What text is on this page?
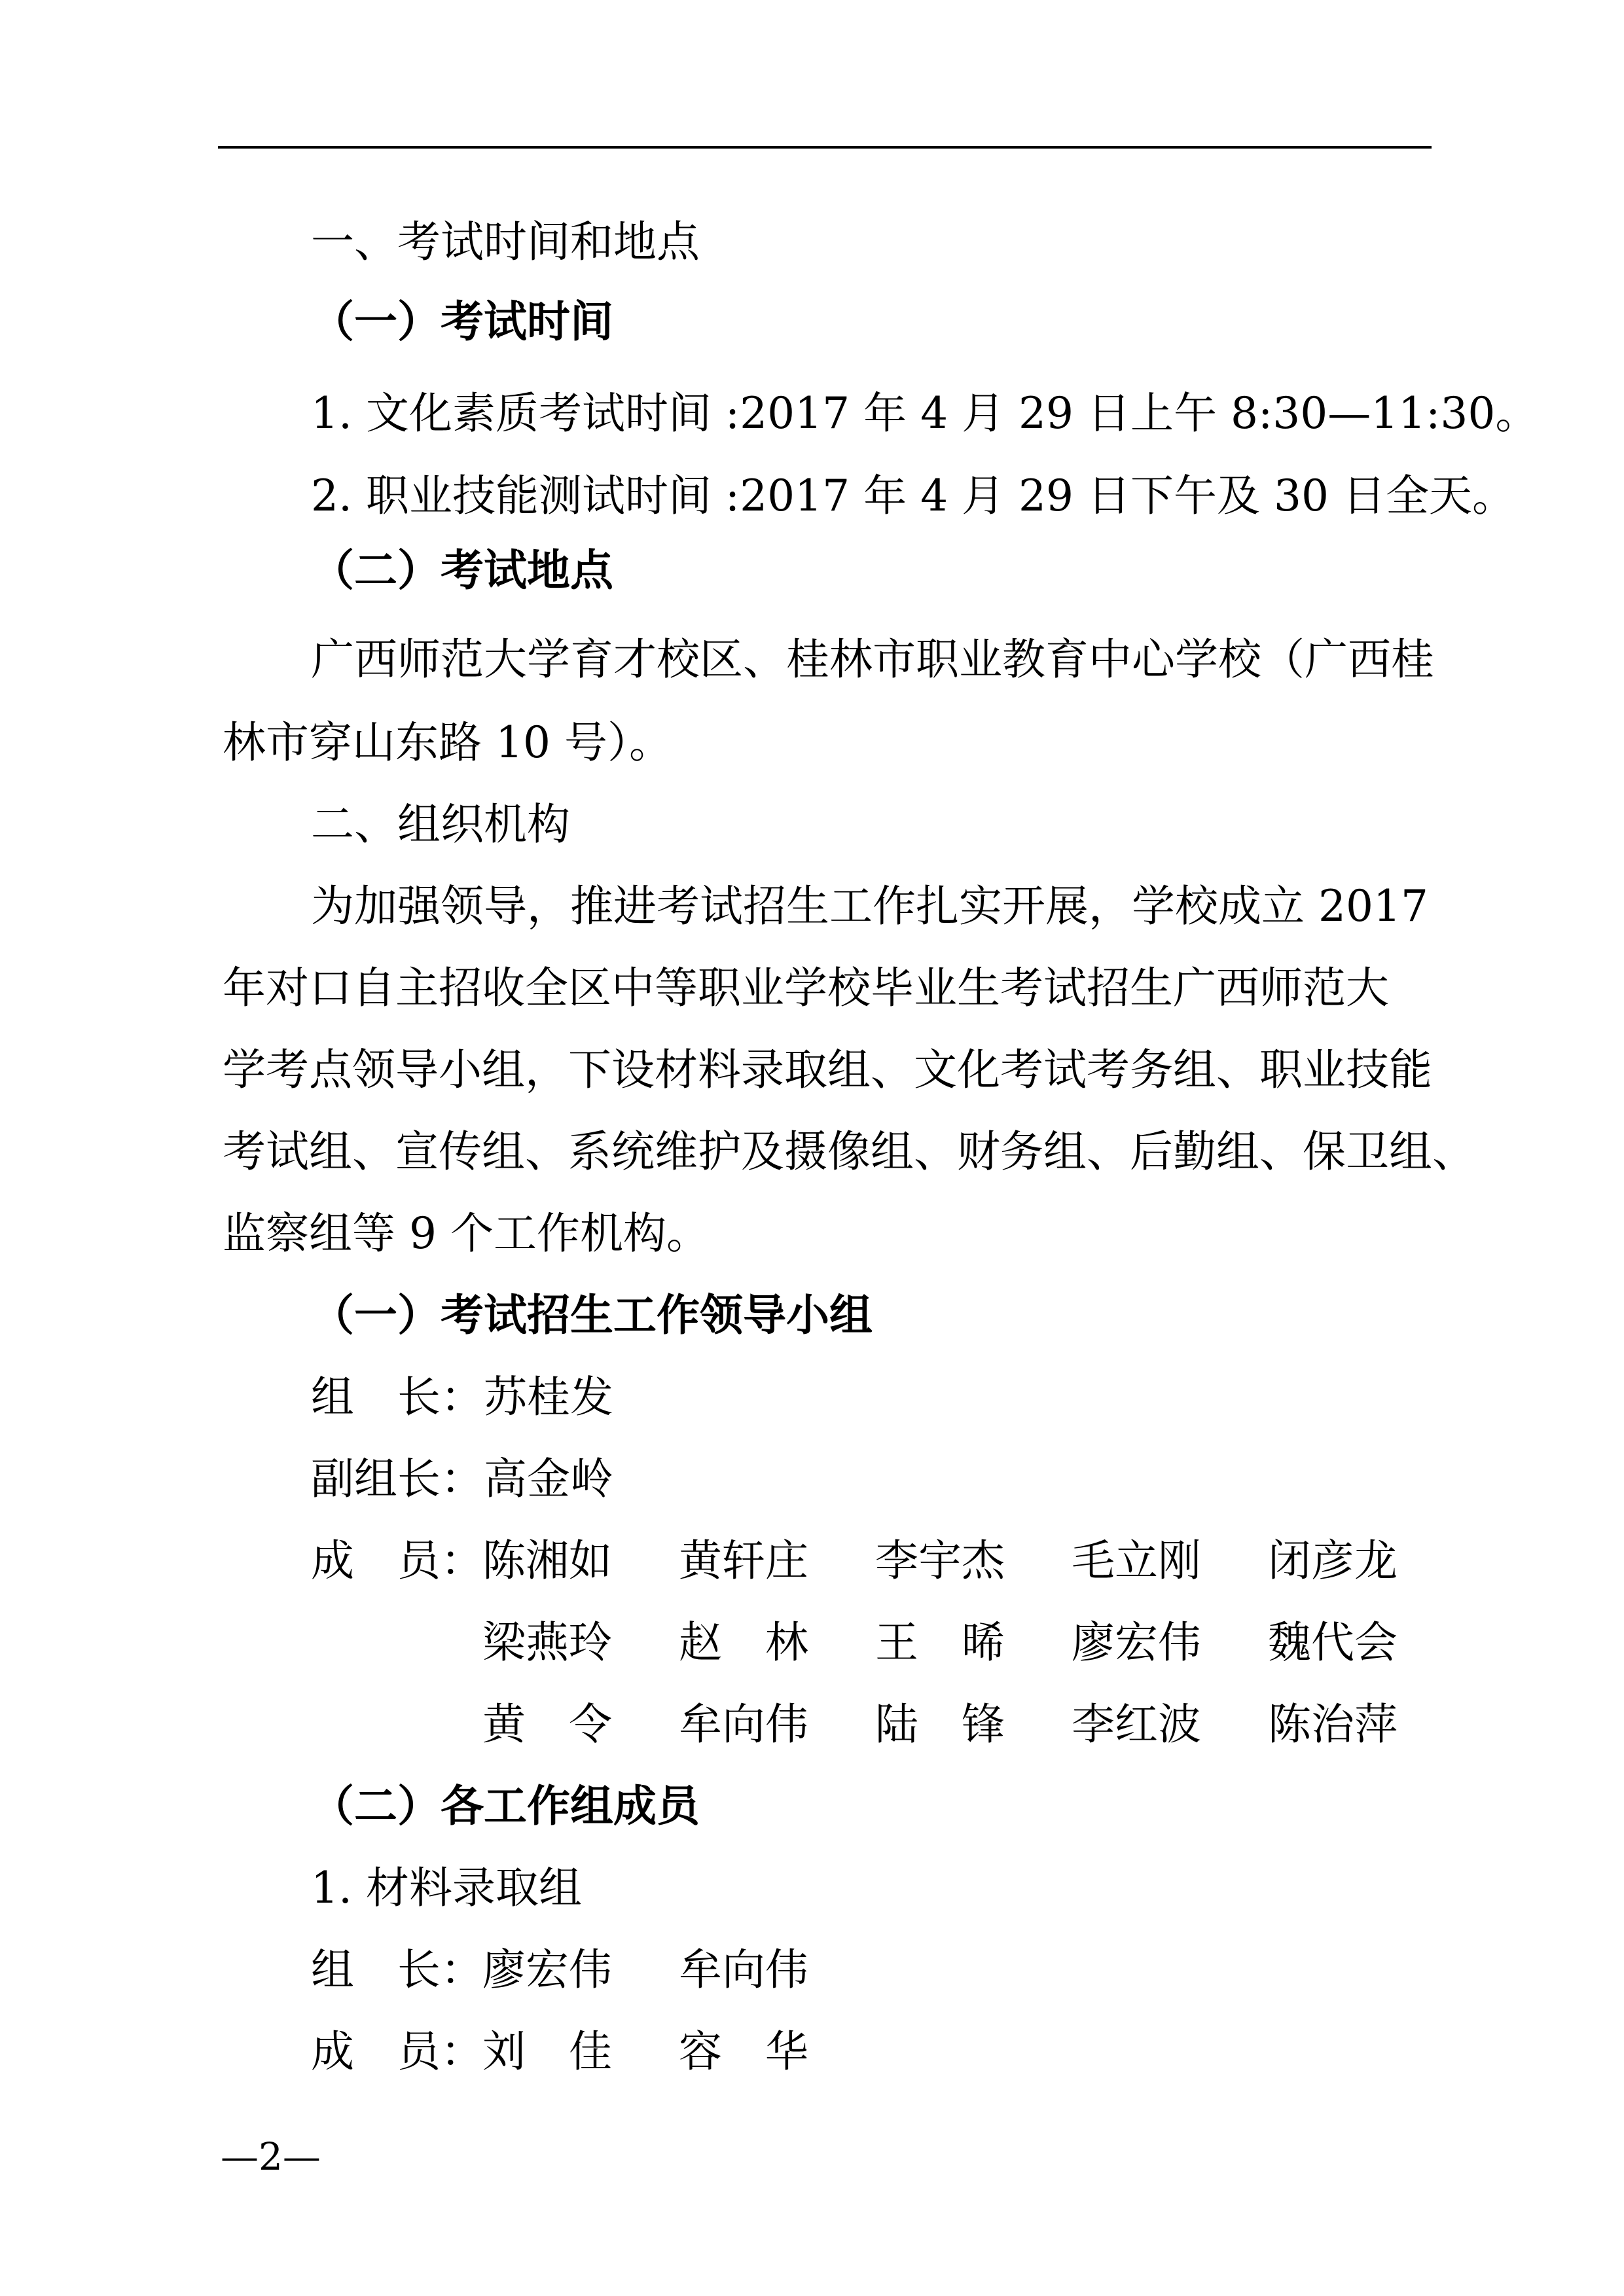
一、考试时间和地点
（一）考试时间
1. 文化素质考试时间 :2017 年 4 月 29 日上午 8:30—11:30。
2. 职业技能测试时间 :2017 年 4 月 29 日下午及 30 日全天。
（二）考试地点
广西师范大学育才校区、桂林市职业教育中心学校（广西桂
林市穿山东路 10 号）。
二、组织机构
为加强领导，推进考试招生工作扎实开展，学校成立 2017
年对口自主招收全区中等职业学校毕业生考试招生广西师范大
学考点领导小组，下设材料录取组、文化考试考务组、职业技能
考试组、宣传组、系统维护及摄像组、财务组、后勤组、保卫组、
监察组等 9 个工作机构。
（一）考试招生工作领导小组
组　长：苏桂发
副组长：高金岭
成　员：
陈湘如 黄轩庄 李宇杰 毛立刚 闭彦龙
梁燕玲 赵　林 王　晞 廖宏伟 魏代会
黄　令 牟向伟 陆　锋 李红波 陈治萍
（二）各工作组成员
1. 材料录取组
组　长：
廖宏伟 牟向伟
成　员：
刘　佳 容　华
—2—
